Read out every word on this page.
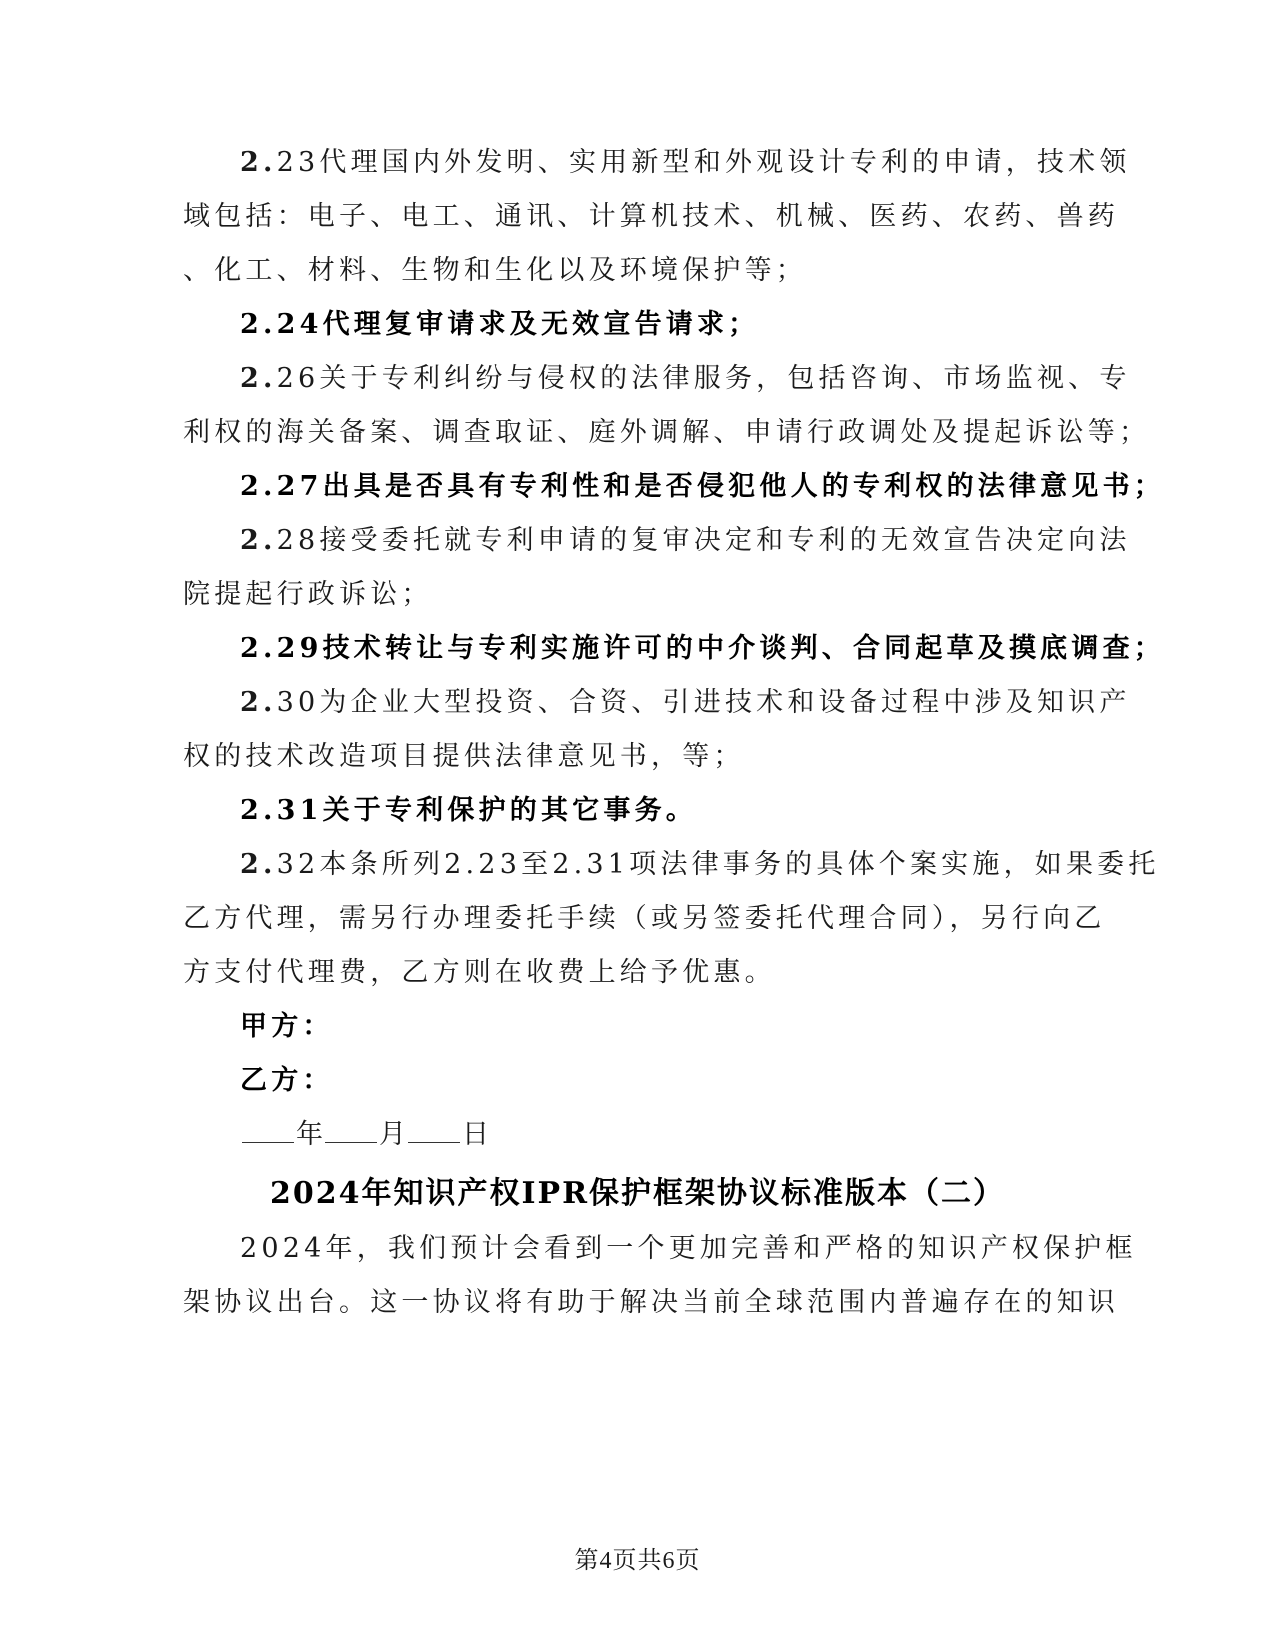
2.23代理国内外发明、实用新型和外观设计专利的申请，技术领
域包括：电子、电工、通讯、计算机技术、机械、医药、农药、兽药
、化工、材料、生物和生化以及环境保护等；
2.24代理复审请求及无效宣告请求；
2.26关于专利纠纷与侵权的法律服务，包括咨询、市场监视、专
利权的海关备案、调查取证、庭外调解、申请行政调处及提起诉讼等；
2.27出具是否具有专利性和是否侵犯他人的专利权的法律意见书；
2.28接受委托就专利申请的复审决定和专利的无效宣告决定向法
院提起行政诉讼；
2.29技术转让与专利实施许可的中介谈判、合同起草及摸底调查；
2.30为企业大型投资、合资、引进技术和设备过程中涉及知识产
权的技术改造项目提供法律意见书，等；
2.31关于专利保护的其它事务。
2.32本条所列2.23至2.31项法律事务的具体个案实施，如果委托
乙方代理，需另行办理委托手续（或另签委托代理合同），另行向乙
方支付代理费，乙方则在收费上给予优惠。
甲方：
乙方：
年 月 日
2024年知识产权IPR保护框架协议标准版本（二）
2024年，我们预计会看到一个更加完善和严格的知识产权保护框
架协议出台。这一协议将有助于解决当前全球范围内普遍存在的知识
第4页共6页
